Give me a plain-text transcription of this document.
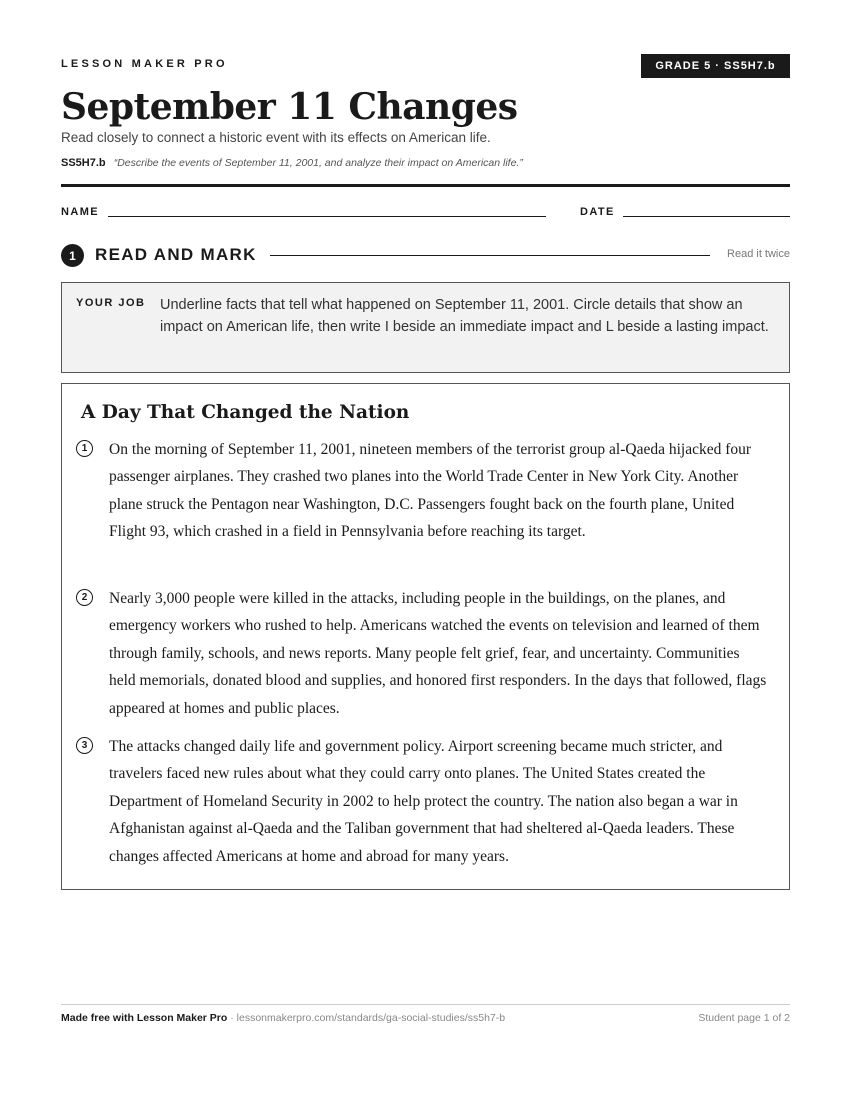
LESSON MAKER PRO	GRADE 5 · SS5H7.b
September 11 Changes
Read closely to connect a historic event with its effects on American life.
SS5H7.b “Describe the events of September 11, 2001, and analyze their impact on American life.”
NAME	DATE
1	READ AND MARK	Read it twice
YOUR JOB Underline facts that tell what happened on September 11, 2001. Circle details that show an impact on American life, then write I beside an immediate impact and L beside a lasting impact.
A Day That Changed the Nation
1	On the morning of September 11, 2001, nineteen members of the terrorist group al-Qaeda hijacked four passenger airplanes. They crashed two planes into the World Trade Center in New York City. Another plane struck the Pentagon near Washington, D.C. Passengers fought back on the fourth plane, United Flight 93, which crashed in a field in Pennsylvania before reaching its target.

2	Nearly 3,000 people were killed in the attacks, including people in the buildings, on the planes, and emergency workers who rushed to help. Americans watched the events on television and learned of them through family, schools, and news reports. Many people felt grief, fear, and uncertainty. Communities held memorials, donated blood and supplies, and honored first responders. In the days that followed, flags appeared at homes and public places.

3	The attacks changed daily life and government policy. Airport screening became much stricter, and travelers faced new rules about what they could carry onto planes. The United States created the Department of Homeland Security in 2002 to help protect the country. The nation also began a war in Afghanistan against al-Qaeda and the Taliban government that had sheltered al-Qaeda leaders. These changes affected Americans at home and abroad for many years.

Made free with Lesson Maker Pro · lessonmakerpro.com/standards/ga-social-studies/ss5h7-b	Student page 1 of 2
